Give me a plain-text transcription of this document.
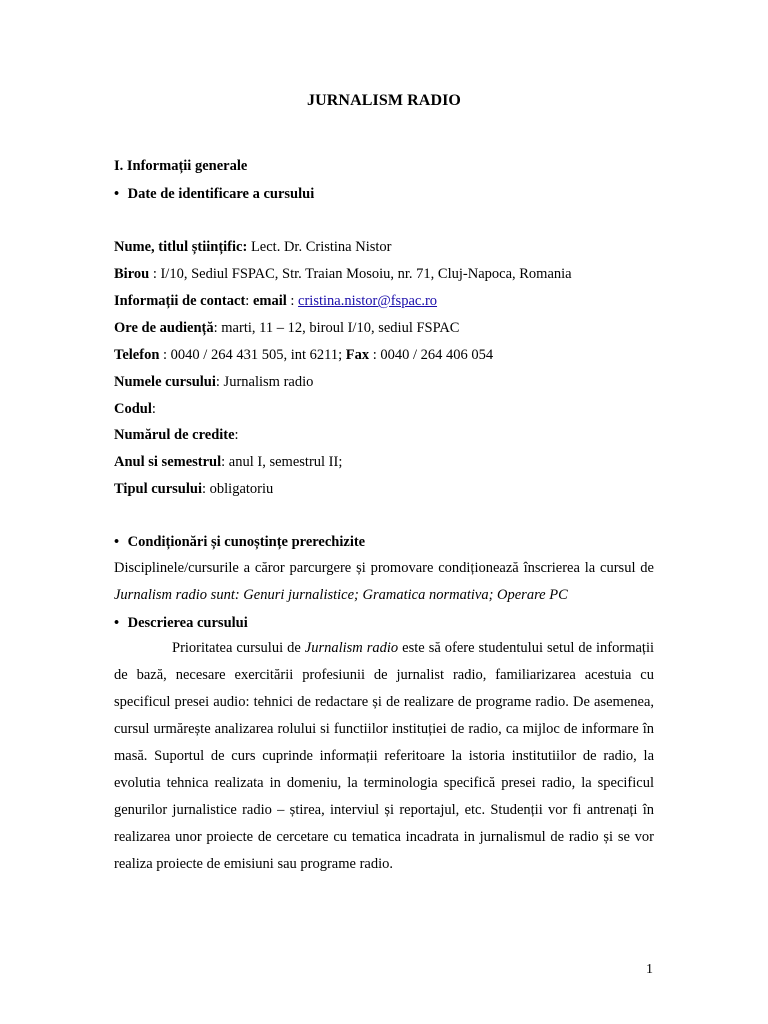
JURNALISM RADIO
I. Informații generale
• Date de identificare a cursului
Nume, titlul științific: Lect. Dr. Cristina Nistor
Birou : I/10, Sediul FSPAC, Str. Traian Mosoiu, nr. 71, Cluj-Napoca, Romania
Informații de contact: email : cristina.nistor@fspac.ro
Ore de audiență: marti, 11 – 12, biroul I/10, sediul FSPAC
Telefon : 0040 / 264 431 505, int 6211; Fax : 0040 / 264 406 054
Numele cursului: Jurnalism radio
Codul:
Numărul de credite:
Anul si semestrul: anul I, semestrul II;
Tipul cursului: obligatoriu
• Condiționări și cunoștințe prerechizite

Disciplinele/cursurile a căror parcurgere și promovare condiționează înscrierea la cursul de Jurnalism radio sunt: Genuri jurnalistice; Gramatica normativa; Operare PC

• Descrierea cursului

Prioritatea cursului de Jurnalism radio este să ofere studentului setul de informații de bază, necesare exercitării profesiunii de jurnalist radio, familiarizarea acestuia cu specificul presei audio: tehnici de redactare și de realizare de programe radio. De asemenea, cursul urmărește analizarea rolului si functiilor instituției de radio, ca mijloc de informare în masă. Suportul de curs cuprinde informații referitoare la istoria institutiilor de radio, la evolutia tehnica realizata in domeniu, la terminologia specifică presei radio, la specificul genurilor jurnalistice radio – știrea, interviul și reportajul, etc. Studenții vor fi antrenați în realizarea unor proiecte de cercetare cu tematica incadrata in jurnalismul de radio și se vor realiza proiecte de emisiuni sau programe radio.

1
